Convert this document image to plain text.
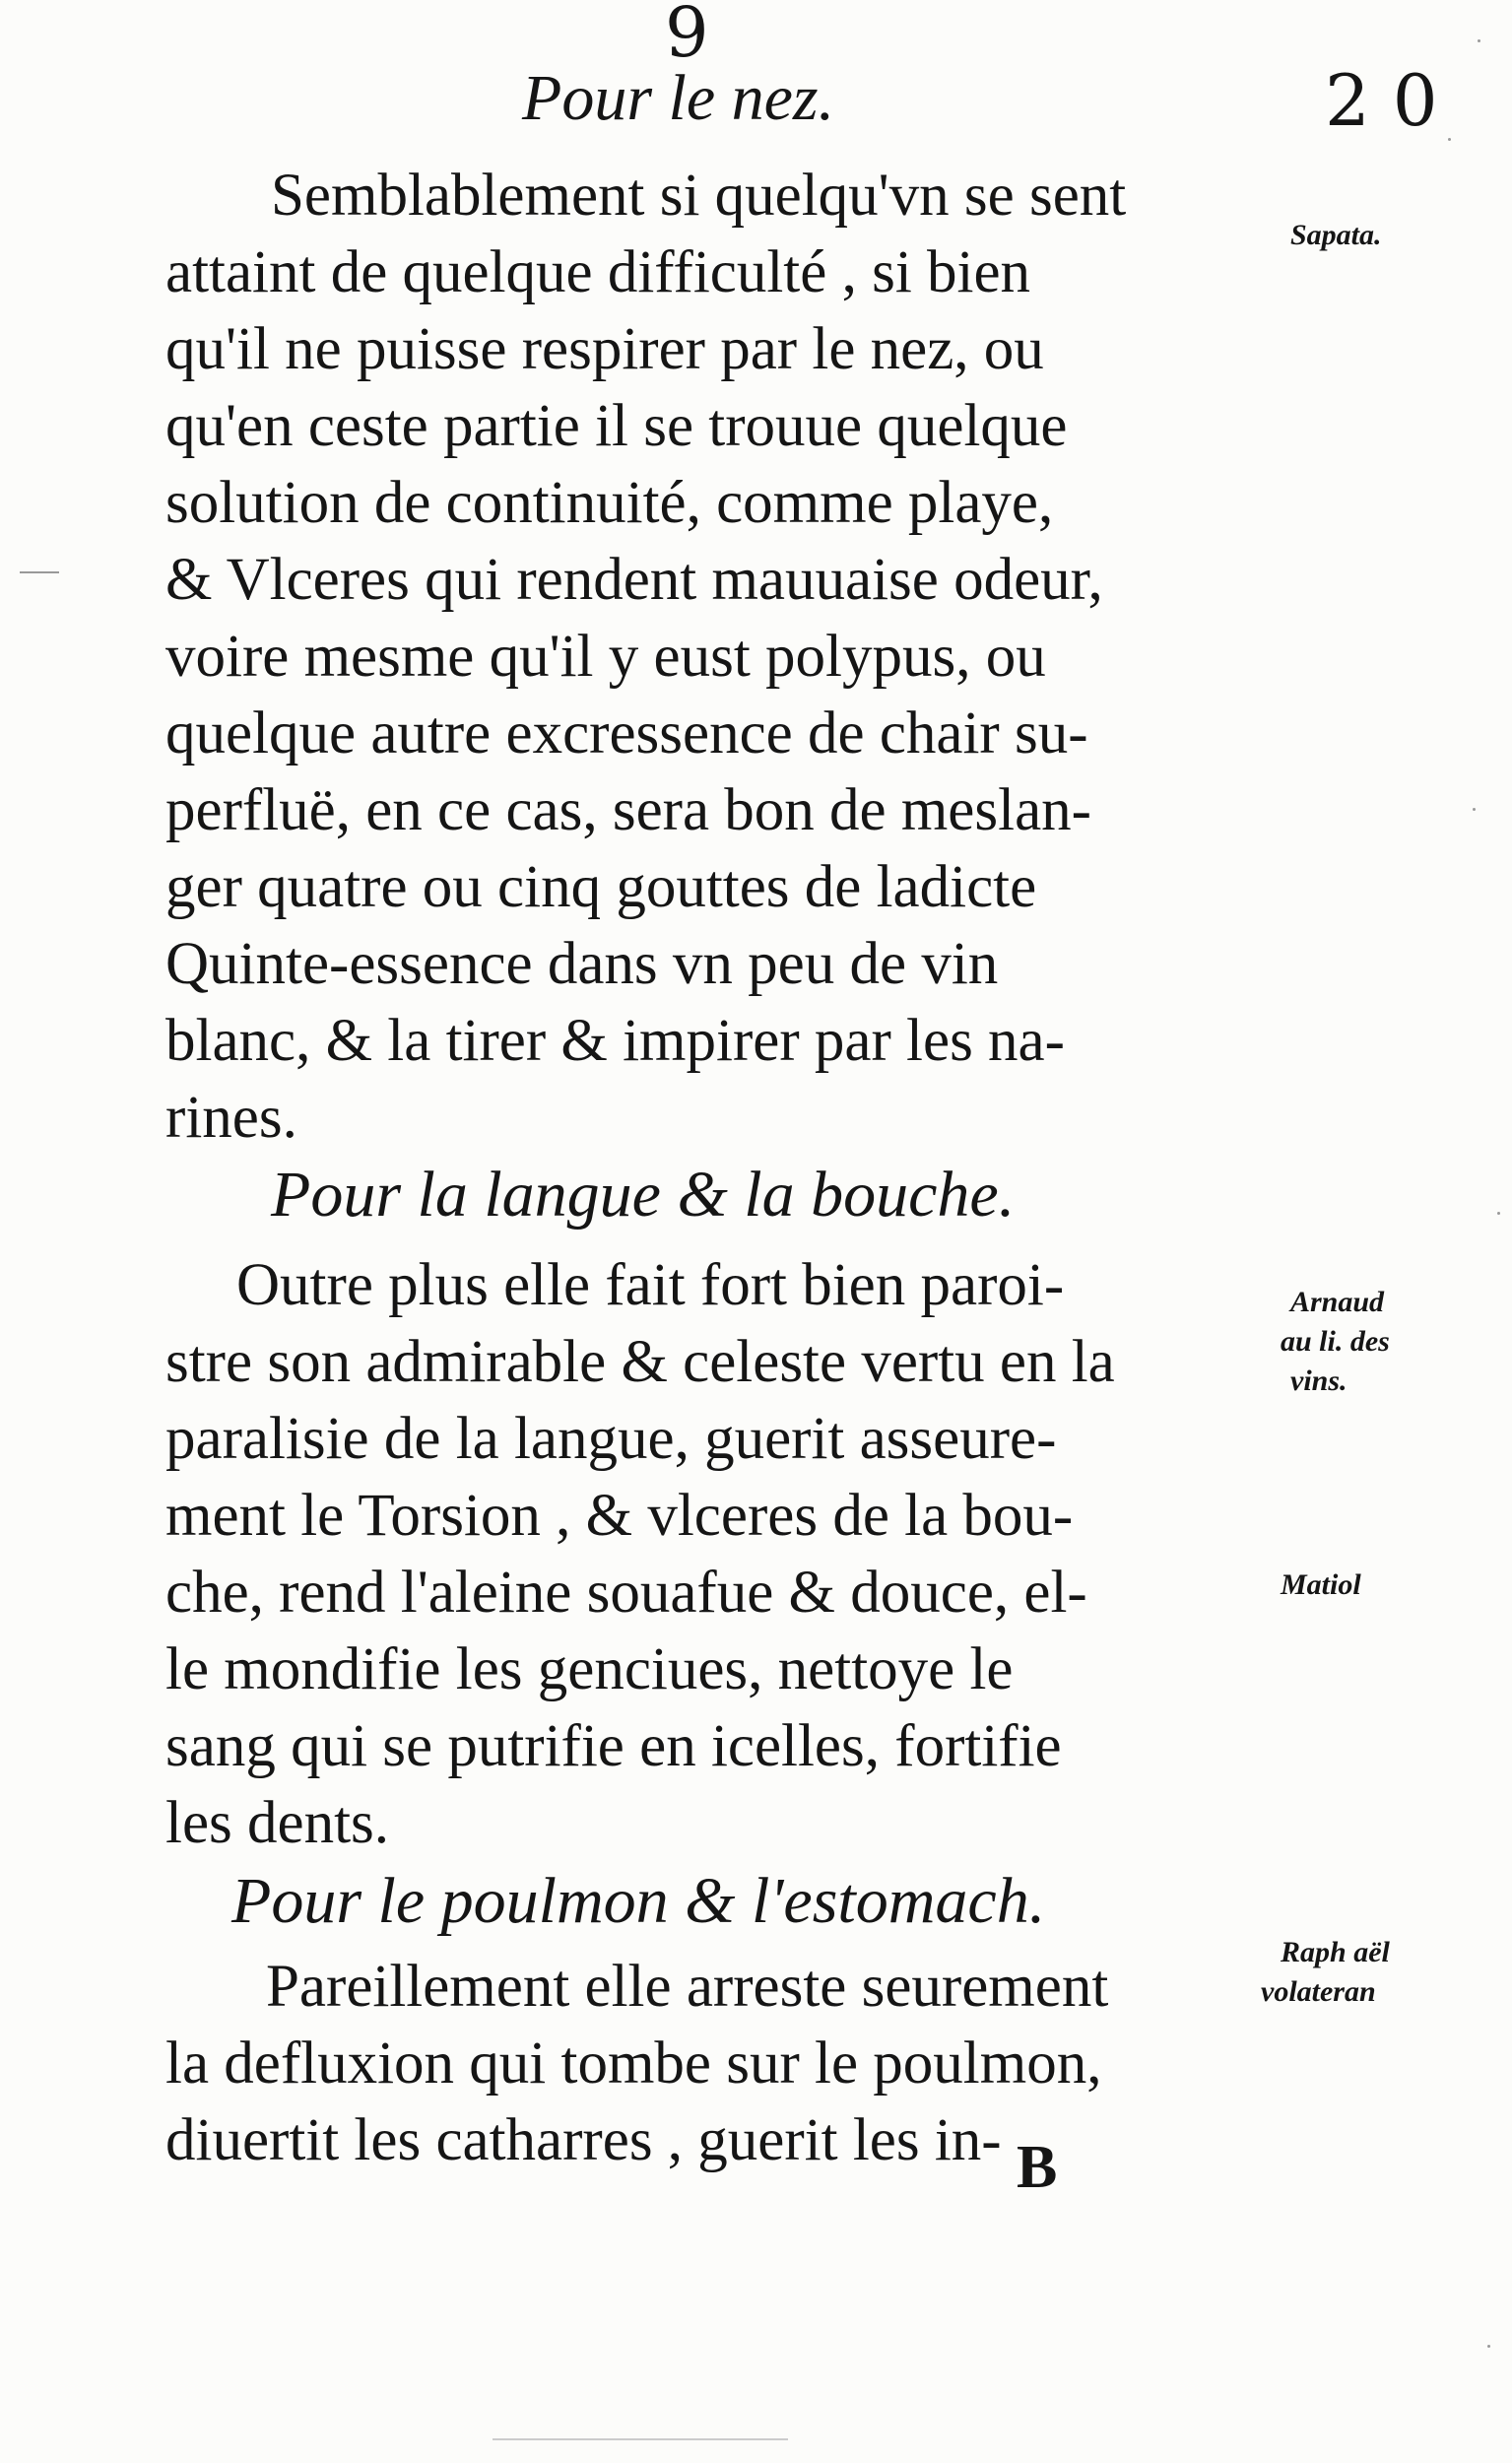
9
2 0
Pour le nez.
Semblablement si quelqu'vn se sent
attaint de quelque difficulté , si bien
qu'il ne puisse respirer par le nez, ou
qu'en ceste partie il se trouue quelque
solution de continuité, comme playe,
& Vlceres qui rendent mauuaise odeur,
voire mesme qu'il y eust polypus, ou
quelque autre excressence de chair su-
perfluë, en ce cas, sera bon de meslan-
ger quatre ou cinq gouttes de ladicte
Quinte-essence dans vn peu de vin
blanc, & la tirer & impirer par les na-
rines.
Pour la langue & la bouche.
Outre plus elle fait fort bien paroi-
stre son admirable & celeste vertu en la
paralisie de la langue, guerit asseure-
ment le Torsion , & vlceres de la bou-
che, rend l'aleine souafue & douce, el-
le mondifie les genciues, nettoye le
sang qui se putrifie en icelles, fortifie
les dents.
Pour le poulmon & l'estomach.
Pareillement elle arreste seurement
la defluxion qui tombe sur le poulmon,
diuertit les catharres , guerit les in- B
Sapata.
Arnaud
au li. des
vins.
Matiol
Raph aël
volateran
